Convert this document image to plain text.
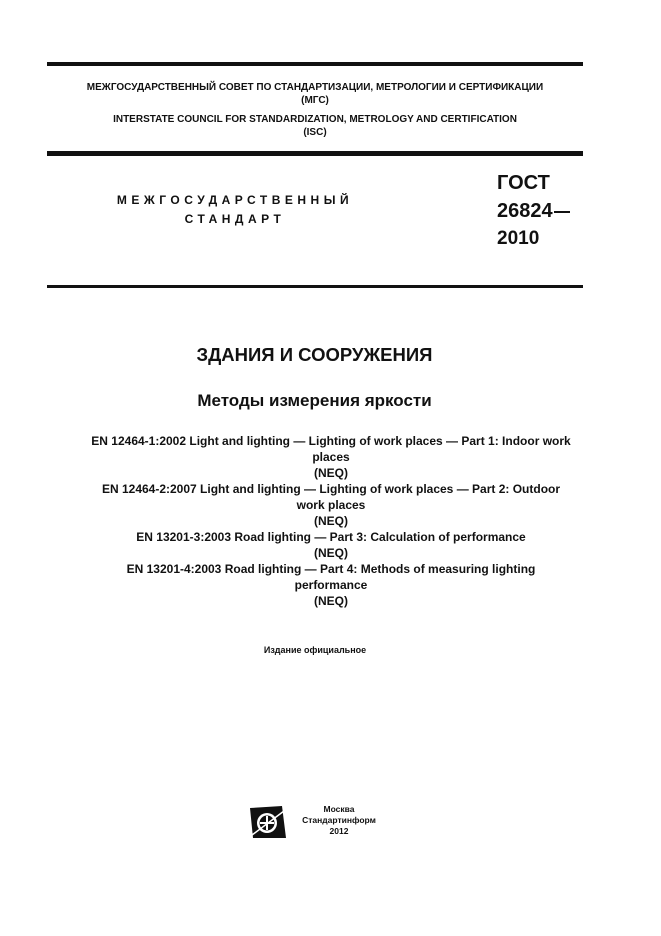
МЕЖГОСУДАРСТВЕННЫЙ СОВЕТ ПО СТАНДАРТИЗАЦИИ, МЕТРОЛОГИИ И СЕРТИФИКАЦИИ
(МГС)
INTERSTATE COUNCIL FOR STANDARDIZATION, METROLOGY AND CERTIFICATION
(ISC)
МЕЖГОСУДАРСТВЕННЫЙ
СТАНДАРТ
ГОСТ
26824
2010
ЗДАНИЯ И СООРУЖЕНИЯ
Методы измерения яркости
EN 12464-1:2002 Light and lighting — Lighting of work places — Part 1: Indoor work
places
(NEQ)
EN 12464-2:2007 Light and lighting — Lighting of work places — Part 2: Outdoor
work places
(NEQ)
EN 13201-3:2003 Road lighting — Part 3: Calculation of performance
(NEQ)
EN 13201-4:2003 Road lighting — Part 4: Methods of measuring lighting
performance
(NEQ)
Издание официальное
Москва
Стандартинформ
2012
